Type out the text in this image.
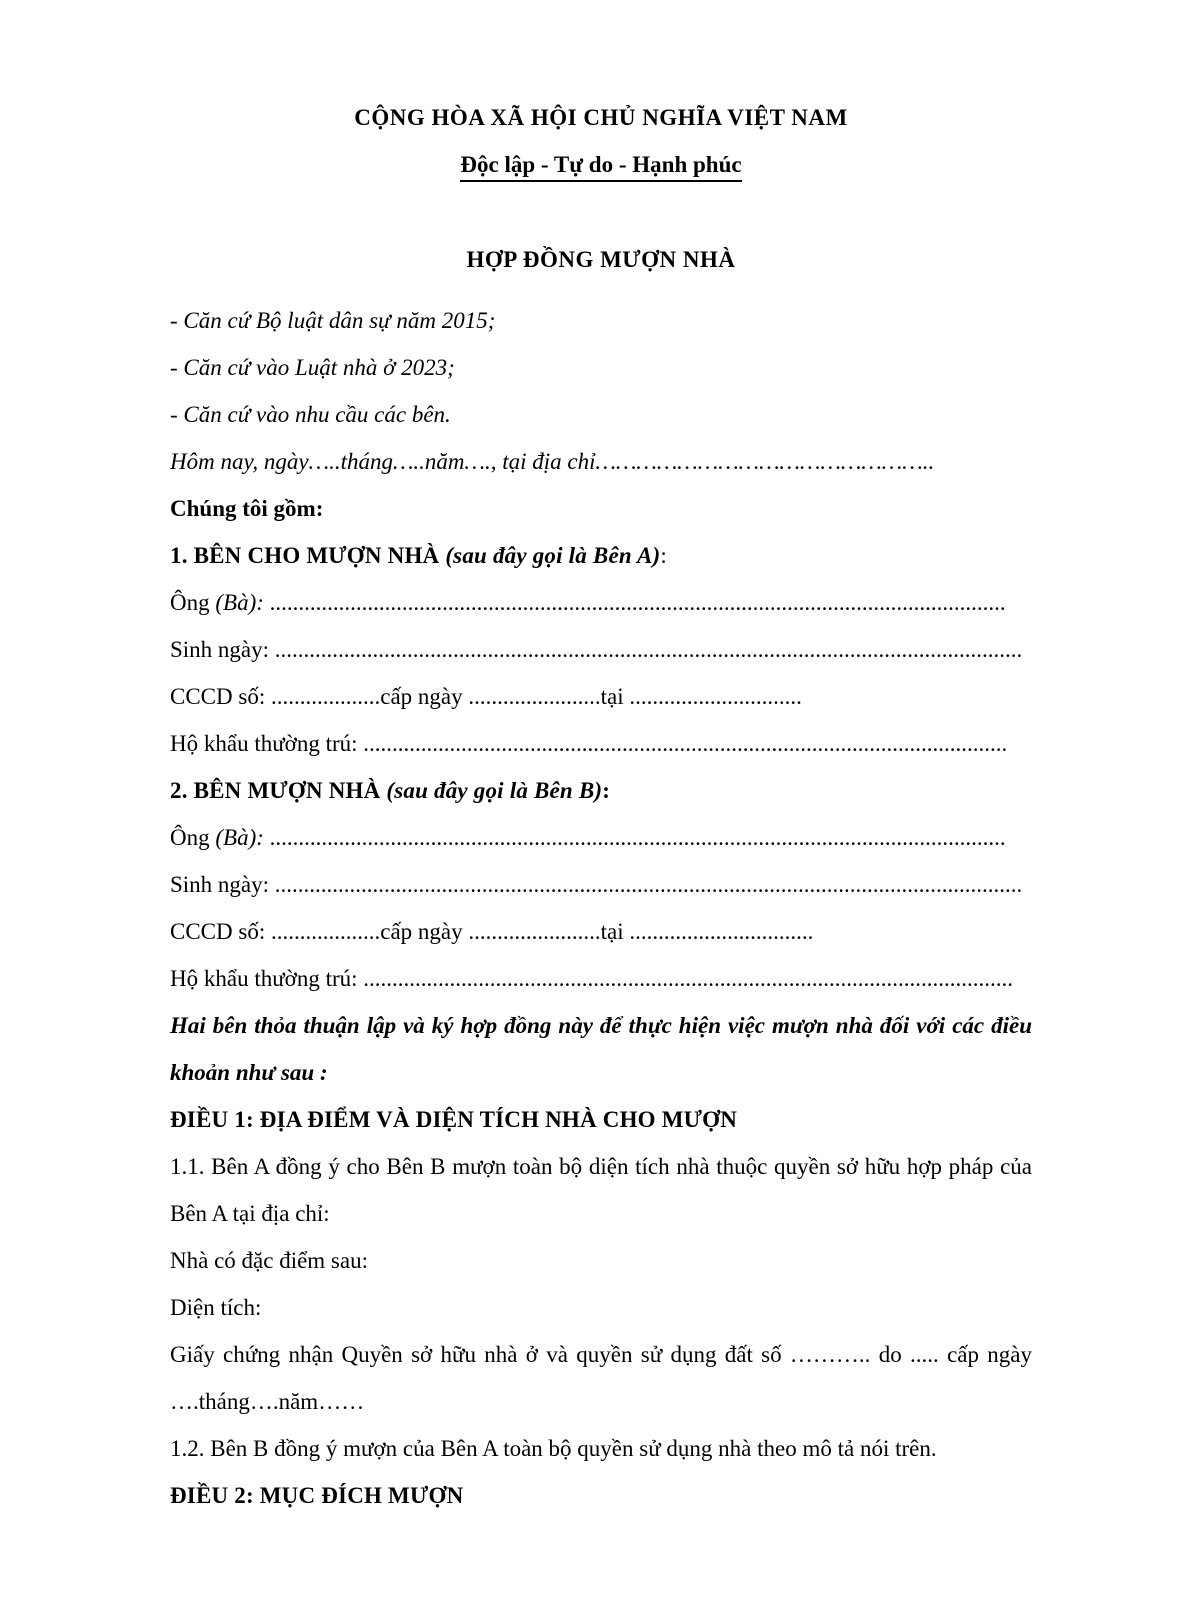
CỘNG HÒA XÃ HỘI CHỦ NGHĨA VIỆT NAM

Độc lập - Tự do - Hạnh phúc

HỢP ĐỒNG MƯỢN NHÀ

- Căn cứ Bộ luật dân sự năm 2015;

- Căn cứ vào Luật nhà ở 2023;

- Căn cứ vào nhu cầu các bên.

Hôm nay, ngày…..tháng…..năm…., tại địa chỉ…………………………………………..

Chúng tôi gồm:

1. BÊN CHO MƯỢN NHÀ (sau đây gọi là Bên A):

Ông (Bà): ................................................................................................................................

Sinh ngày: ..................................................................................................................................

CCCD số: ...................cấp ngày .......................tại ..............................

Hộ khẩu thường trú: ................................................................................................................

2. BÊN MƯỢN NHÀ (sau đây gọi là Bên B):

Ông (Bà): ................................................................................................................................

Sinh ngày: ..................................................................................................................................

CCCD số: ...................cấp ngày .......................tại ................................

Hộ khẩu thường trú: .................................................................................................................

Hai bên thỏa thuận lập và ký hợp đồng này để thực hiện việc mượn nhà đối với các điều khoản như sau :

ĐIỀU 1: ĐỊA ĐIỂM VÀ DIỆN TÍCH NHÀ CHO MƯỢN

1.1. Bên A đồng ý cho Bên B mượn toàn bộ diện tích nhà thuộc quyền sở hữu hợp pháp của Bên A tại địa chỉ:

Nhà có đặc điểm sau:

Diện tích:

Giấy chứng nhận Quyền sở hữu nhà ở và quyền sử dụng đất số ……….. do ..... cấp ngày ….tháng….năm……

1.2. Bên B đồng ý mượn của Bên A toàn bộ quyền sử dụng nhà theo mô tả nói trên.

ĐIỀU 2: MỤC ĐÍCH MƯỢN
